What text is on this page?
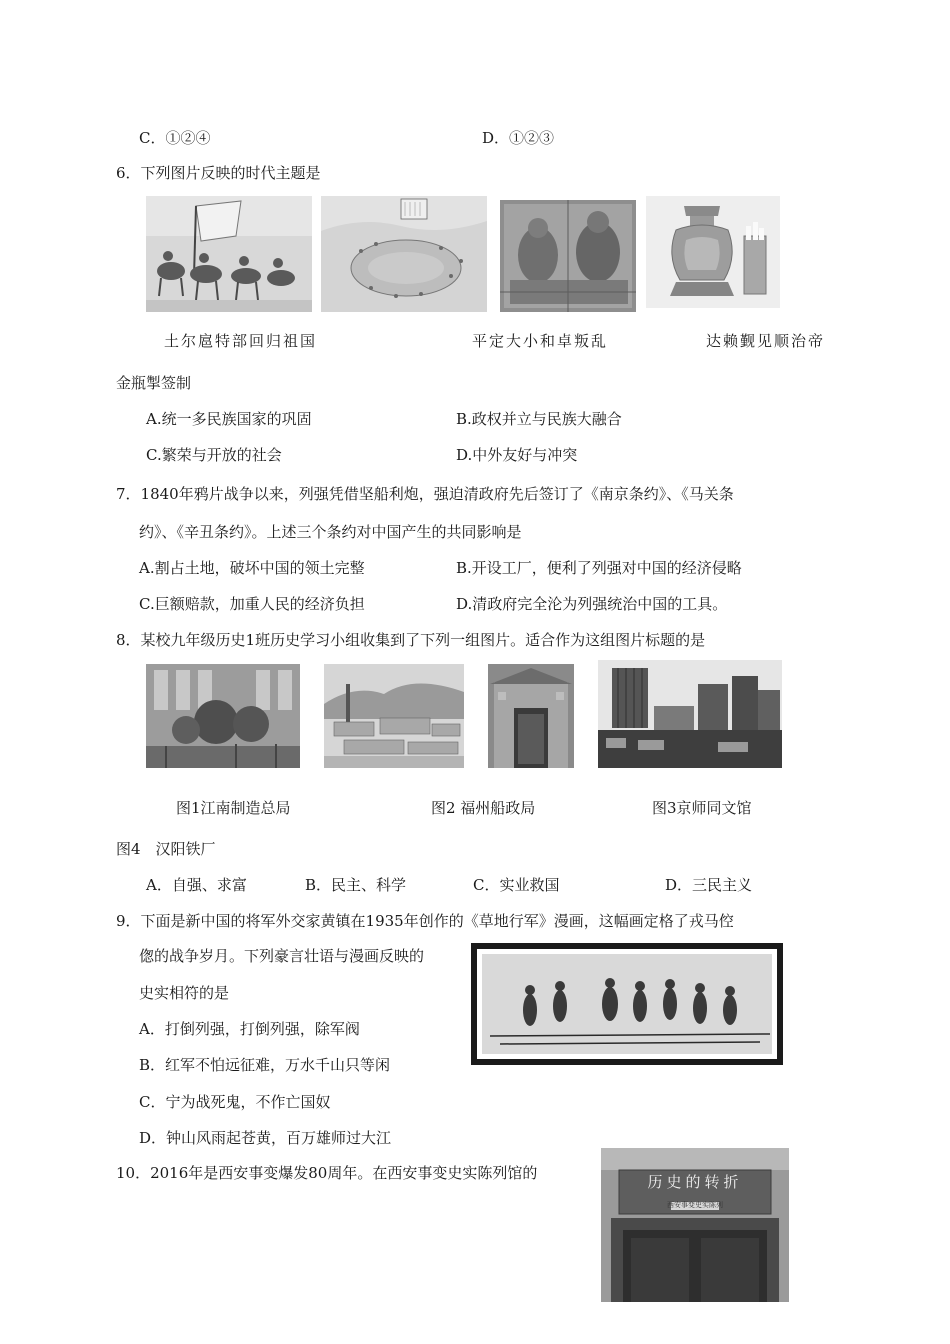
C．①②④	D．①②③
6．下列图片反映的时代主题是
土尔扈特部回归祖国	平定大小和卓叛乱	达赖觐见顺治帝
金瓶掣签制
A.统一多民族国家的巩固	B.政权并立与民族大融合
C.繁荣与开放的社会	D.中外友好与冲突
7．1840年鸦片战争以来，列强凭借坚船利炮，强迫清政府先后签订了《南京条约》、《马关条
约》、《辛丑条约》。上述三个条约对中国产生的共同影响是
A.割占土地，破坏中国的领土完整	B.开设工厂，便利了列强对中国的经济侵略
C.巨额赔款，加重人民的经济负担	D.清政府完全沦为列强统治中国的工具。
8．某校九年级历史1班历史学习小组收集到了下列一组图片。适合作为这组图片标题的是
图1江南制造总局	图2 福州船政局	图3京师同文馆
图4　汉阳铁厂
A．自强、求富	B．民主、科学	C．实业救国	D．三民主义
9．下面是新中国的将军外交家黄镇在1935年创作的《草地行军》漫画，这幅画定格了戎马倥
偬的战争岁月。下列豪言壮语与漫画反映的
史实相符的是
A．打倒列强，打倒列强，除军阀
B．红军不怕远征难，万水千山只等闲
C．宁为战死鬼，不作亡国奴
D．钟山风雨起苍黄，百万雄师过大江
10．2016年是西安事变爆发80周年。在西安事变史实陈列馆的	历史的转折
西安事变史实陈列
